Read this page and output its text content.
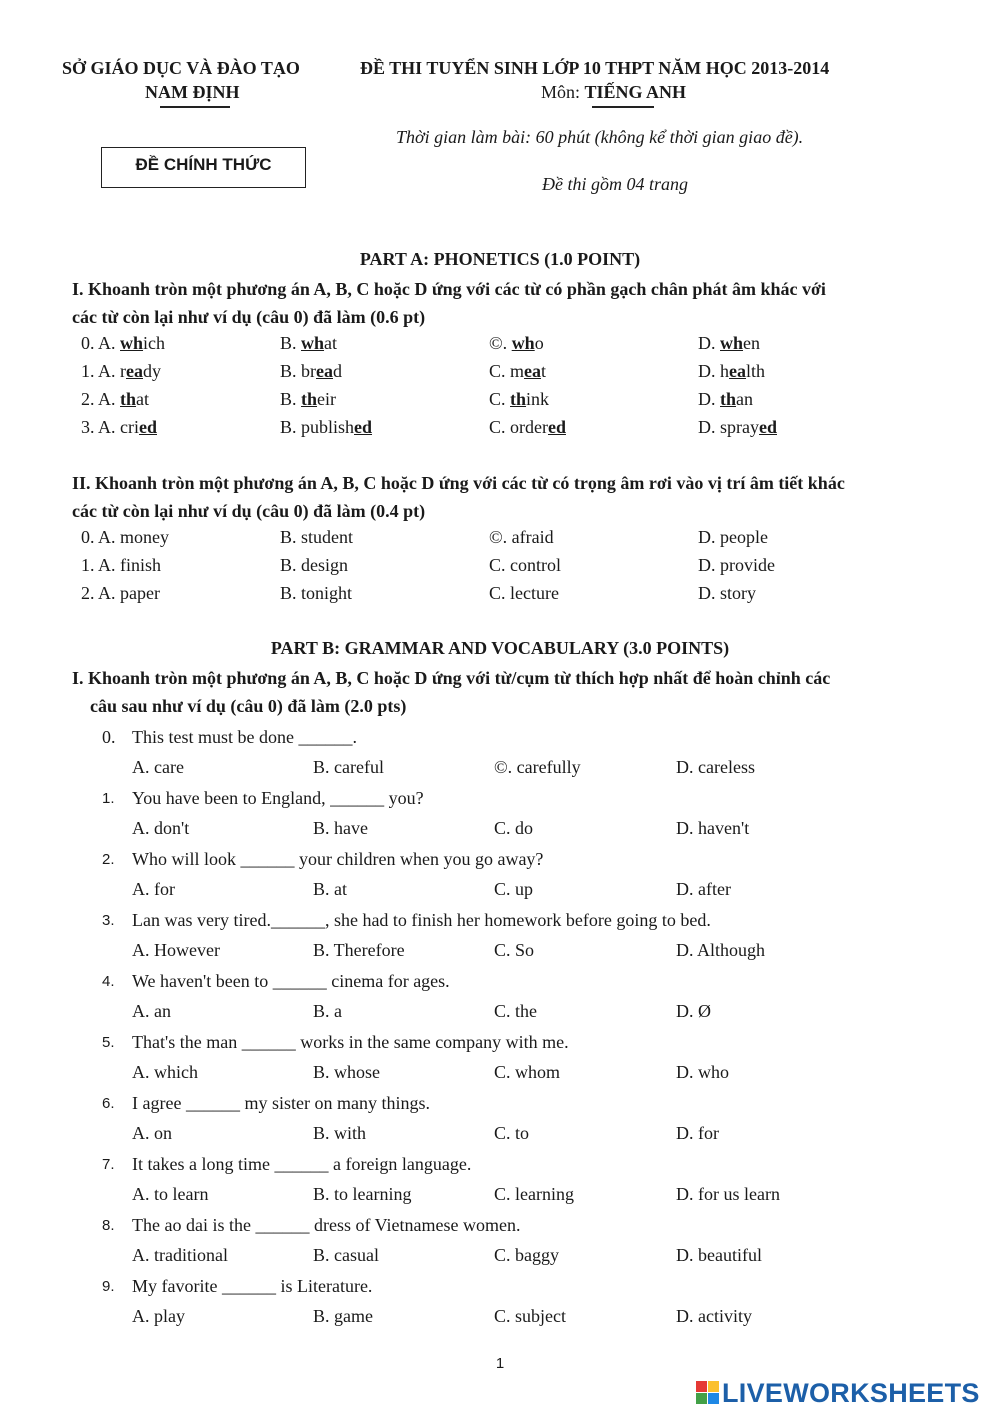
SỞ GIÁO DỤC VÀ ĐÀO TẠO
NAM ĐỊNH
ĐỀ THI TUYỂN SINH LỚP 10 THPT NĂM HỌC 2013-2014
Môn: TIẾNG ANH
ĐỀ CHÍNH THỨC
Thời gian làm bài: 60 phút (không kể thời gian giao đề).
Đề thi gồm 04 trang
PART A: PHONETICS (1.0 POINT)
I. Khoanh tròn một phương án A, B, C hoặc D ứng với các từ có phần gạch chân phát âm khác với
các từ còn lại như ví dụ (câu 0) đã làm (0.6 pt)
0. A. which	B. what	©. who	D. when
1. A. ready	B. bread	C. meat	D. health
2. A. that	B. their	C. think	D. than
3. A. cried	B. published	C. ordered	D. sprayed
II. Khoanh tròn một phương án A, B, C hoặc D ứng với các từ có trọng âm rơi vào vị trí âm tiết khác
các từ còn lại như ví dụ (câu 0) đã làm (0.4 pt)
0. A. money	B. student	©. afraid	D. people
1. A. finish	B. design	C. control	D. provide
2. A. paper	B. tonight	C. lecture	D. story
PART B: GRAMMAR AND VOCABULARY (3.0 POINTS)
I. Khoanh tròn một phương án A, B, C hoặc D ứng với từ/cụm từ thích hợp nhất để hoàn chỉnh các
câu sau như ví dụ (câu 0) đã làm (2.0 pts)
0. This test must be done ______.
A. care	B. careful	©. carefully	D. careless
1. You have been to England, ______ you?
A. don't	B. have	C. do	D. haven't
2. Who will look ______ your children when you go away?
A. for	B. at	C. up	D. after
3. Lan was very tired.______, she had to finish her homework before going to bed.
A. However	B. Therefore	C. So	D. Although
4. We haven't been to ______ cinema for ages.
A. an	B. a	C. the	D. Ø
5. That's the man ______ works in the same company with me.
A. which	B. whose	C. whom	D. who
6. I agree ______ my sister on many things.
A. on	B. with	C. to	D. for
7. It takes a long time ______ a foreign language.
A. to learn	B. to learning	C. learning	D. for us learn
8. The ao dai is the ______ dress of Vietnamese women.
A. traditional	B. casual	C. baggy	D. beautiful
9. My favorite ______ is Literature.
A. play	B. game	C. subject	D. activity
1
LIVEWORKSHEETS
